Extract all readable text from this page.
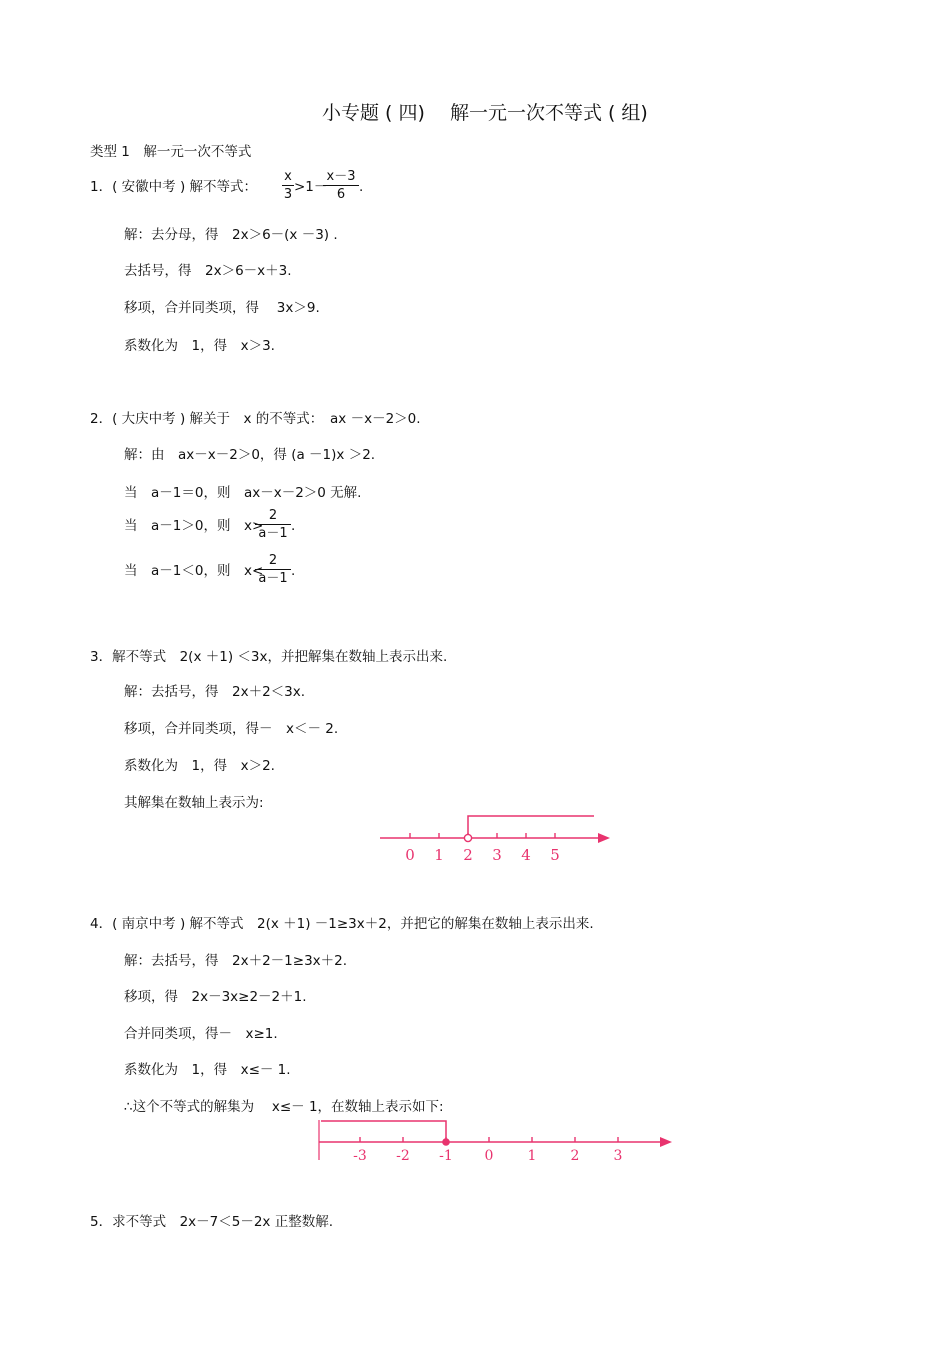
小专题 ( 四)　 解一元一次不等式 ( 组)
类型 1　解一元一次不等式
1．( 安徽中考 ) 解不等式：
x
3 >1－
x－3
6	.
解：去分母，得　2x＞6－(x －3) .
去括号，得　2x＞6－x＋3.
移项，合并同类项，得　 3x＞9.
系数化为　1，得　x＞3.
2．( 大庆中考 ) 解关于　x 的不等式：　ax －x－2＞0.
解：由　ax－x－2＞0，得 (a －1)x ＞2.
当　a－1＝0，则　ax－x－2＞0 无解.
当　a－1＞0，则　x>
2
a－1 .
当　a－1＜0，则　x<
2
a－1 .
3．解不等式　2(x ＋1) ＜3x，并把解集在数轴上表示出来.
解：去括号，得　2x＋2＜3x.
移项，合并同类项，得－　x＜－ 2.
系数化为　1，得　x＞2.
其解集在数轴上表示为:
0 1 2 3 4 5
4．( 南京中考 ) 解不等式　2(x ＋1) －1≥3x＋2，并把它的解集在数轴上表示出来.
解：去括号，得　2x＋2－1≥3x＋2.
移项，得　2x－3x≥2－2＋1.
合并同类项，得－　x≥1.
系数化为　1，得　x≤－ 1.
∴这个不等式的解集为　 x≤－ 1，在数轴上表示如下:
-3 -2 -1 0 1 2 3
5．求不等式　2x－7＜5－2x 正整数解.
